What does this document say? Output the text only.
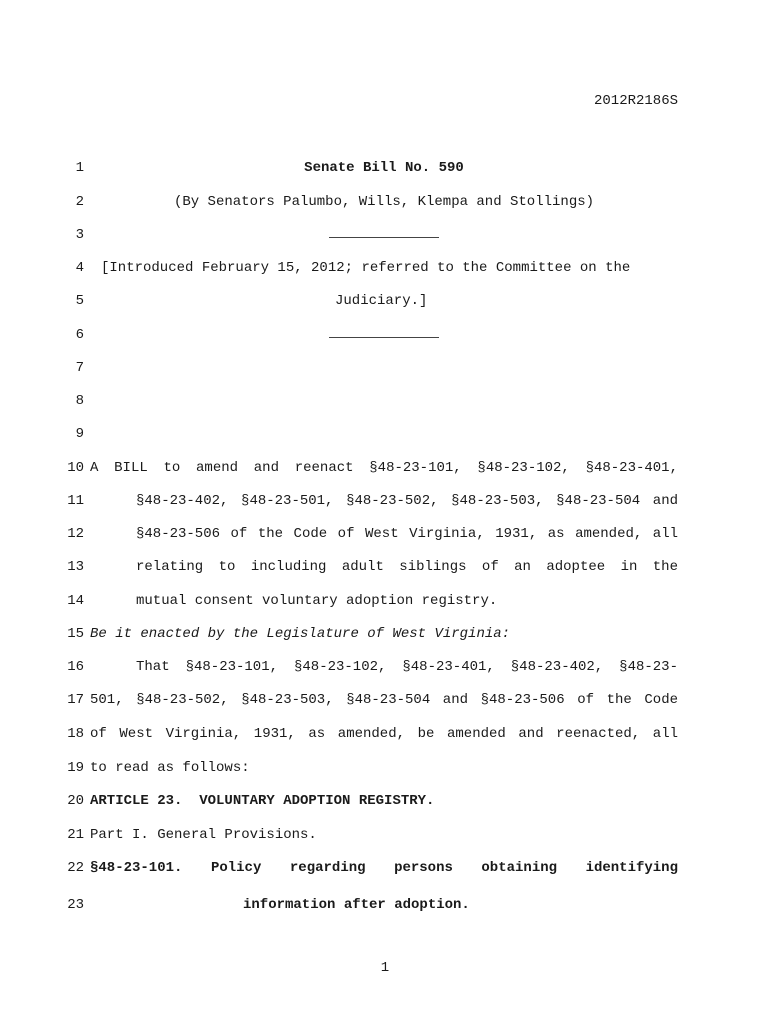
2012R2186S
1	Senate Bill No. 590
2	(By Senators Palumbo, Wills, Klempa and Stollings)
3
4 [Introduced February 15, 2012; referred to the Committee on the
5	Judiciary.]
6
7
8
9
10 A BILL to amend and reenact §48-23-101, §48-23-102, §48-23-401,
11	§48-23-402, §48-23-501, §48-23-502, §48-23-503, §48-23-504 and
12	§48-23-506 of the Code of West Virginia, 1931, as amended, all
13	relating to including adult siblings of an adoptee in the
14	mutual consent voluntary adoption registry.
15 Be it enacted by the Legislature of West Virginia:
16	That §48-23-101, §48-23-102, §48-23-401, §48-23-402, §48-23-
17 501, §48-23-502, §48-23-503, §48-23-504 and §48-23-506 of the Code
18 of West Virginia, 1931, as amended, be amended and reenacted, all
19 to read as follows:
20 ARTICLE 23.  VOLUNTARY ADOPTION REGISTRY.
21 Part I. General Provisions.
22 §48-23-101. Policy regarding persons obtaining identifying
23	information after adoption.
1
